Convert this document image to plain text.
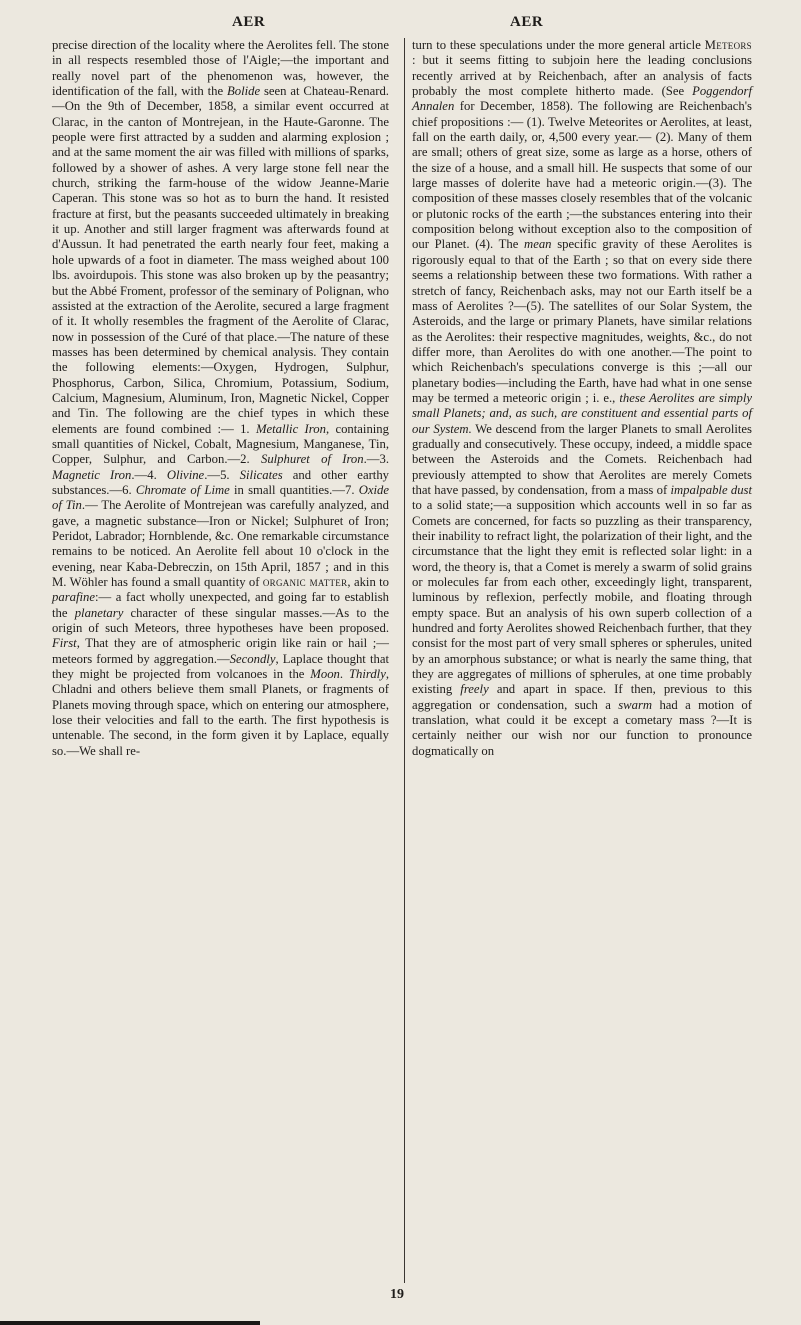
AER	AER

precise direction of the locality where the Aerolites fell. The stone in all respects resembled those of l'Aigle;—the important and really novel part of the phenomenon was, however, the identification of the fall, with the Bolide seen at Chateau-Renard.—On the 9th of December, 1858, a similar event occurred at Clarac, in the canton of Montrejean, in the Haute-Garonne. The people were first attracted by a sudden and alarming explosion ; and at the same moment the air was filled with millions of sparks, followed by a shower of ashes. A very large stone fell near the church, striking the farm-house of the widow Jeanne-Marie Caperan. This stone was so hot as to burn the hand. It resisted fracture at first, but the peasants succeeded ultimately in breaking it up. Another and still larger fragment was afterwards found at d'Aussun. It had penetrated the earth nearly four feet, making a hole upwards of a foot in diameter. The mass weighed about 100 lbs. avoirdupois. This stone was also broken up by the peasantry; but the Abbé Froment, professor of the seminary of Polignan, who assisted at the extraction of the Aerolite, secured a large fragment of it. It wholly resembles the fragment of the Aerolite of Clarac, now in possession of the Curé of that place.—The nature of these masses has been determined by chemical analysis. They contain the following elements:—Oxygen, Hydrogen, Sulphur, Phosphorus, Carbon, Silica, Chromium, Potassium, Sodium, Calcium, Magnesium, Aluminum, Iron, Magnetic Nickel, Copper and Tin. The following are the chief types in which these elements are found combined :— 1. Metallic Iron, containing small quantities of Nickel, Cobalt, Magnesium, Manganese, Tin, Copper, Sulphur, and Carbon.—2. Sulphuret of Iron.—3. Magnetic Iron.—4. Olivine.—5. Silicates and other earthy substances.—6. Chromate of Lime in small quantities.—7. Oxide of Tin.— The Aerolite of Montrejean was carefully analyzed, and gave, a magnetic substance—Iron or Nickel; Sulphuret of Iron; Peridot, Labrador; Hornblende, &c. One remarkable circumstance remains to be noticed. An Aerolite fell about 10 o'clock in the evening, near Kaba-Debreczin, on 15th April, 1857 ; and in this M. Wöhler has found a small quantity of organic matter, akin to parafine:— a fact wholly unexpected, and going far to establish the planetary character of these singular masses.—As to the origin of such Meteors, three hypotheses have been proposed. First, That they are of atmospheric origin like rain or hail ;—meteors formed by aggregation.—Secondly, Laplace thought that they might be projected from volcanoes in the Moon. Thirdly, Chladni and others believe them small Planets, or fragments of Planets moving through space, which on entering our atmosphere, lose their velocities and fall to the earth. The first hypothesis is untenable. The second, in the form given it by Laplace, equally so.—We shall re-

turn to these speculations under the more general article Meteors : but it seems fitting to subjoin here the leading conclusions recently arrived at by Reichenbach, after an analysis of facts probably the most complete hitherto made. (See Poggendorf Annalen for December, 1858). The following are Reichenbach's chief propositions :— (1). Twelve Meteorites or Aerolites, at least, fall on the earth daily, or, 4,500 every year.— (2). Many of them are small; others of great size, some as large as a horse, others of the size of a house, and a small hill. He suspects that some of our large masses of dolerite have had a meteoric origin.—(3). The composition of these masses closely resembles that of the volcanic or plutonic rocks of the earth ;—the substances entering into their composition belong without exception also to the composition of our Planet. (4). The mean specific gravity of these Aerolites is rigorously equal to that of the Earth ; so that on every side there seems a relationship between these two formations. With rather a stretch of fancy, Reichenbach asks, may not our Earth itself be a mass of Aerolites ?—(5). The satellites of our Solar System, the Asteroids, and the large or primary Planets, have similar relations as the Aerolites: their respective magnitudes, weights, &c., do not differ more, than Aerolites do with one another.—The point to which Reichenbach's speculations converge is this ;—all our planetary bodies—including the Earth, have had what in one sense may be termed a meteoric origin ; i. e., these Aerolites are simply small Planets; and, as such, are constituent and essential parts of our System. We descend from the larger Planets to small Aerolites gradually and consecutively. These occupy, indeed, a middle space between the Asteroids and the Comets. Reichenbach had previously attempted to show that Aerolites are merely Comets that have passed, by condensation, from a mass of impalpable dust to a solid state;—a supposition which accounts well in so far as Comets are concerned, for facts so puzzling as their transparency, their inability to refract light, the polarization of their light, and the circumstance that the light they emit is reflected solar light: in a word, the theory is, that a Comet is merely a swarm of solid grains or molecules far from each other, exceedingly light, transparent, luminous by reflexion, perfectly mobile, and floating through empty space. But an analysis of his own superb collection of a hundred and forty Aerolites showed Reichenbach further, that they consist for the most part of very small spheres or spherules, united by an amorphous substance; or what is nearly the same thing, that they are aggregates of millions of spherules, at one time probably existing freely and apart in space. If then, previous to this aggregation or condensation, such a swarm had a motion of translation, what could it be except a cometary mass ?—It is certainly neither our wish nor our function to pronounce dogmatically on

19
